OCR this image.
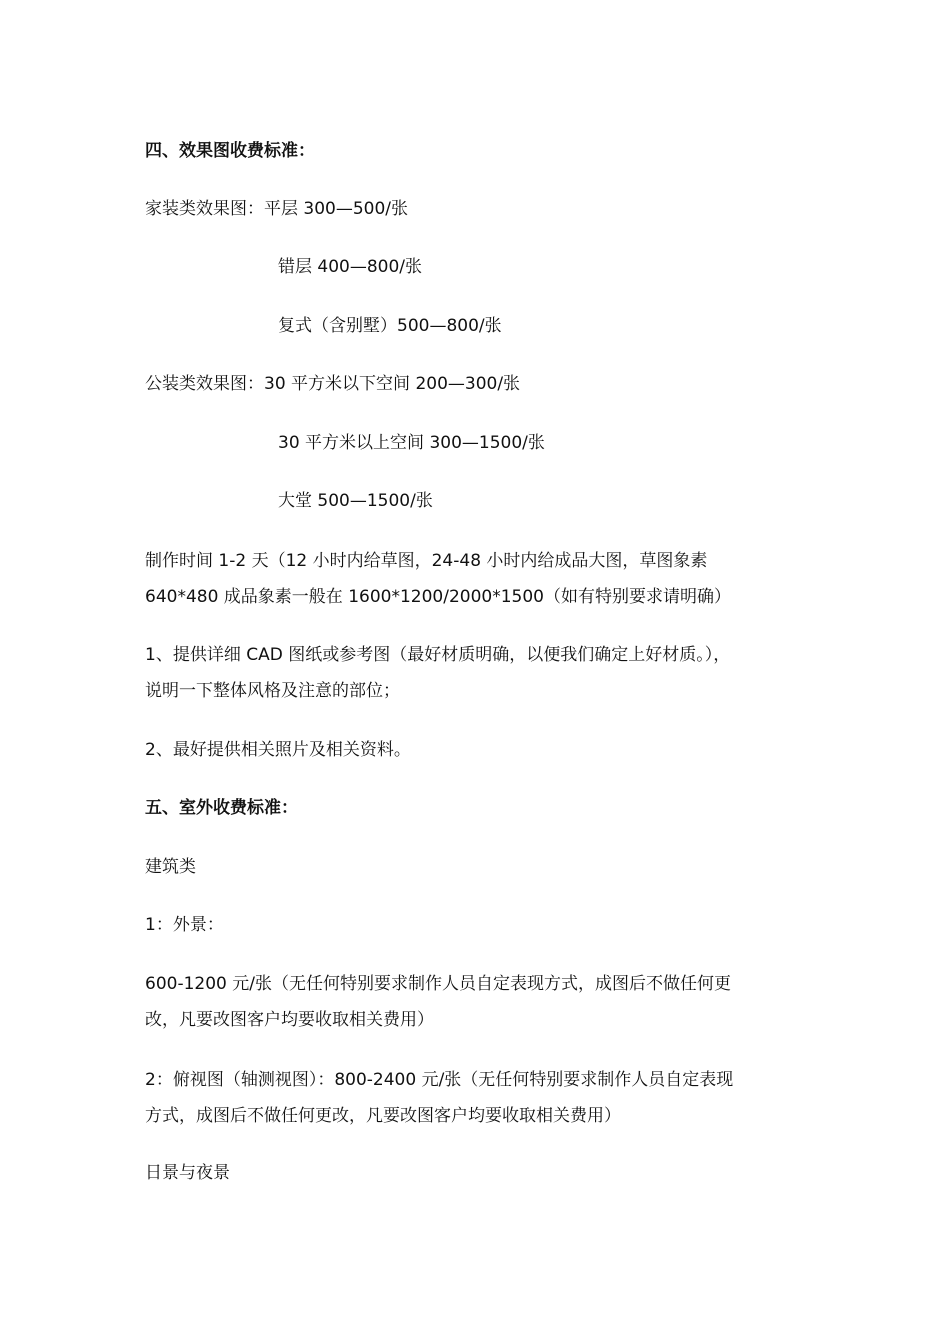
四、效果图收费标准：
家装类效果图：平层 300—500/张
错层 400—800/张
复式（含别墅）500—800/张
公装类效果图：30 平方米以下空间 200—300/张
30 平方米以上空间 300—1500/张
大堂 500—1500/张
制作时间 1-2 天（12 小时内给草图，24-48 小时内给成品大图，草图象素
640*480 成品象素一般在 1600*1200/2000*1500（如有特别要求请明确）
1、提供详细 CAD 图纸或参考图（最好材质明确，以便我们确定上好材质。），
说明一下整体风格及注意的部位；
2、最好提供相关照片及相关资料。
五、室外收费标准：
建筑类
1：外景：
600-1200 元/张（无任何特别要求制作人员自定表现方式，成图后不做任何更
改，凡要改图客户均要收取相关费用）
2：俯视图（轴测视图）：800-2400 元/张（无任何特别要求制作人员自定表现
方式，成图后不做任何更改，凡要改图客户均要收取相关费用）
日景与夜景
